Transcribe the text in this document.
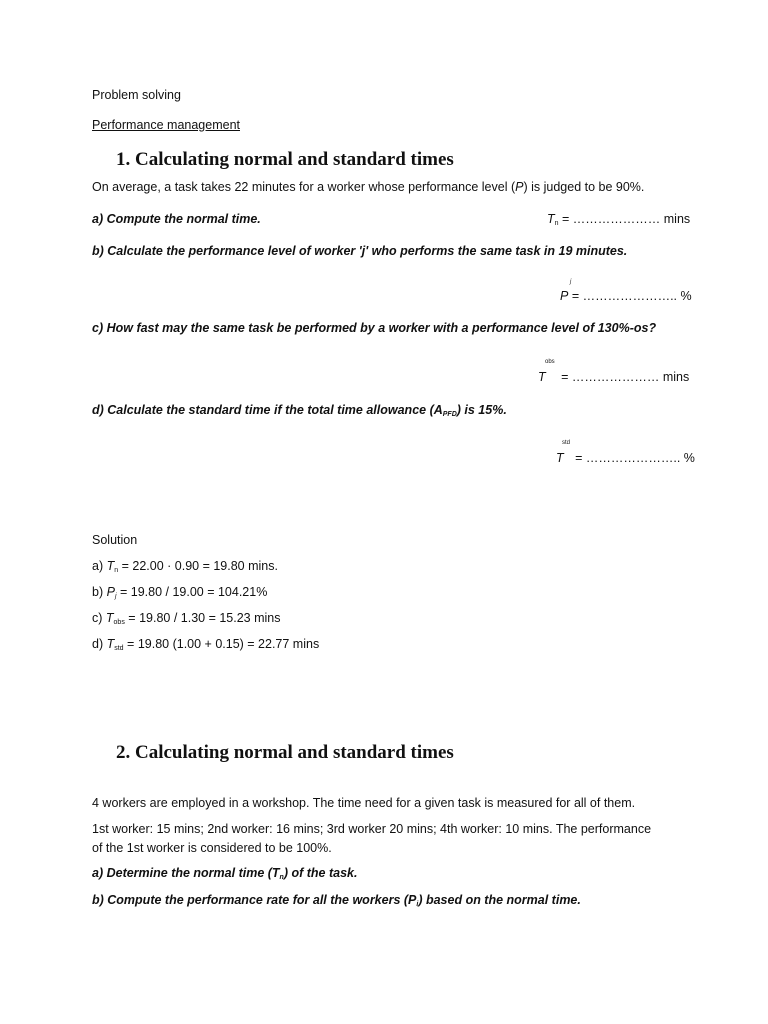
Problem solving
Performance management
1. Calculating normal and standard times
On average, a task takes 22 minutes for a worker whose performance level (P) is judged to be 90%.
a) Compute the normal time.	Tn = ………………… mins
b) Calculate the performance level of worker 'j' who performs the same task in 19 minutes.
j
P = ………………….. %
c) How fast may the same task be performed by a worker with a performance level of 130%-os?
obs
T = ………………… mins
d) Calculate the standard time if the total time allowance (APFD) is 15%.
std
T = ………………….. %
Solution
a) Tn = 22.00 · 0.90 = 19.80 mins.
b) Pj = 19.80 / 19.00 = 104.21%
c) Tobs = 19.80 / 1.30 = 15.23 mins
d) Tstd = 19.80 (1.00 + 0.15) = 22.77 mins
2. Calculating normal and standard times
4 workers are employed in a workshop. The time need for a given task is measured for all of them.
1st worker: 15 mins; 2nd worker: 16 mins; 3rd worker 20 mins; 4th worker: 10 mins. The performance
of the 1st worker is considered to be 100%.
a) Determine the normal time (Tn) of the task.
b) Compute the performance rate for all the workers (Pi) based on the normal time.
